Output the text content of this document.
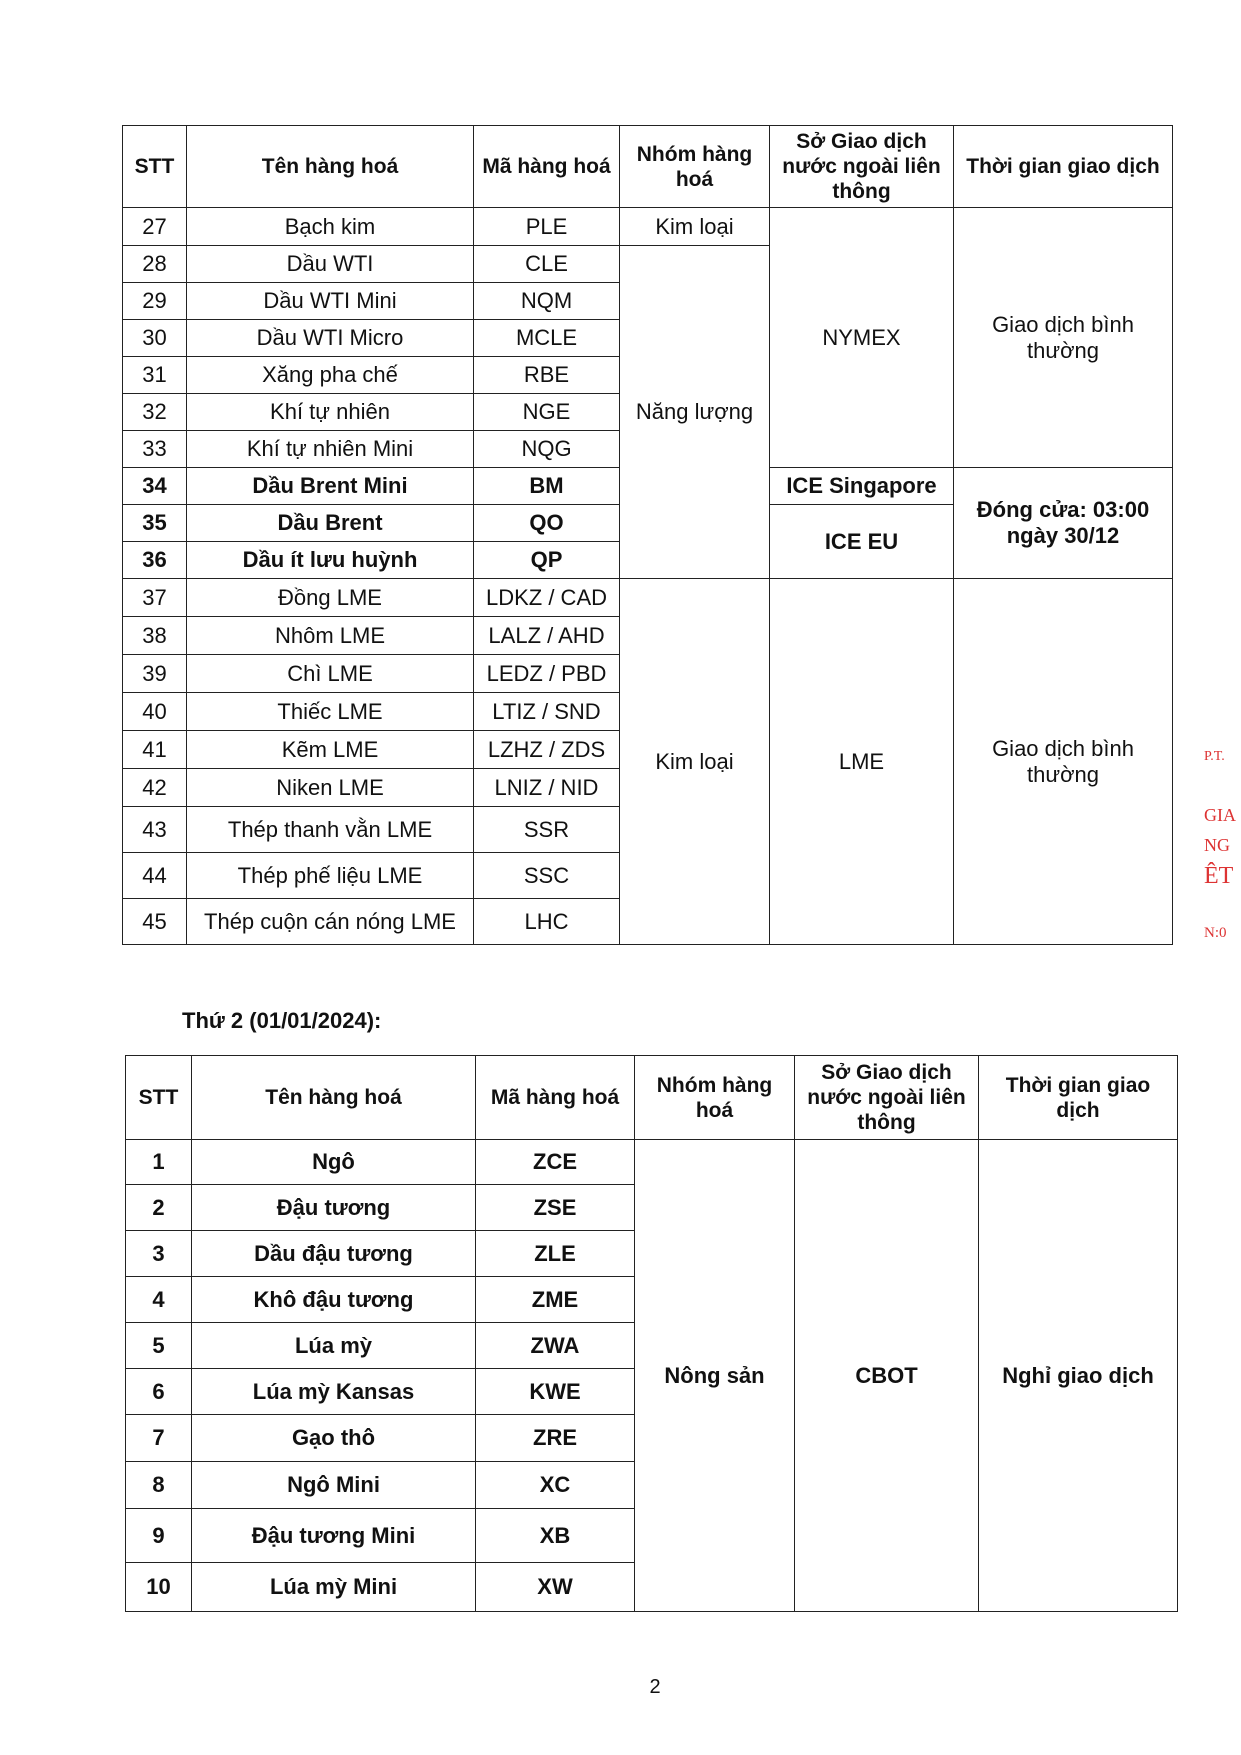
STT	Tên hàng hoá	Mã hàng hoá	Nhóm hàng hoá	Sở Giao dịch nước ngoài liên thông	Thời gian giao dịch
27	Bạch kim	PLE	Kim loại	NYMEX	Giao dịch bình thường
28	Dầu WTI	CLE	Năng lượng		
29	Dầu WTI Mini	NQM			
30	Dầu WTI Micro	MCLE			
31	Xăng pha chế	RBE			
32	Khí tự nhiên	NGE			
33	Khí tự nhiên Mini	NQG			
34	Dầu Brent Mini	BM		ICE Singapore	Đóng cửa: 03:00 ngày 30/12
35	Dầu Brent	QO		ICE EU	
36	Dầu ít lưu huỳnh	QP			
37	Đồng LME	LDKZ / CAD	Kim loại	LME	Giao dịch bình thường
38	Nhôm LME	LALZ / AHD			
39	Chì LME	LEDZ / PBD			
40	Thiếc LME	LTIZ / SND			
41	Kẽm LME	LZHZ / ZDS			
42	Niken LME	LNIZ / NID			
43	Thép thanh vằn LME	SSR			
44	Thép phế liệu LME	SSC			
45	Thép cuộn cán nóng LME	LHC			
Thứ 2 (01/01/2024):
STT	Tên hàng hoá	Mã hàng hoá	Nhóm hàng hoá	Sở Giao dịch nước ngoài liên thông	Thời gian giao dịch
1	Ngô	ZCE	Nông sản	CBOT	Nghỉ giao dịch
2	Đậu tương	ZSE			
3	Dầu đậu tương	ZLE			
4	Khô đậu tương	ZME			
5	Lúa mỳ	ZWA			
6	Lúa mỳ Kansas	KWE			
7	Gạo thô	ZRE			
8	Ngô Mini	XC			
9	Đậu tương Mini	XB			
10	Lúa mỳ Mini	XW			
2
P.T.
GIA
NG
ÊT
N:0
